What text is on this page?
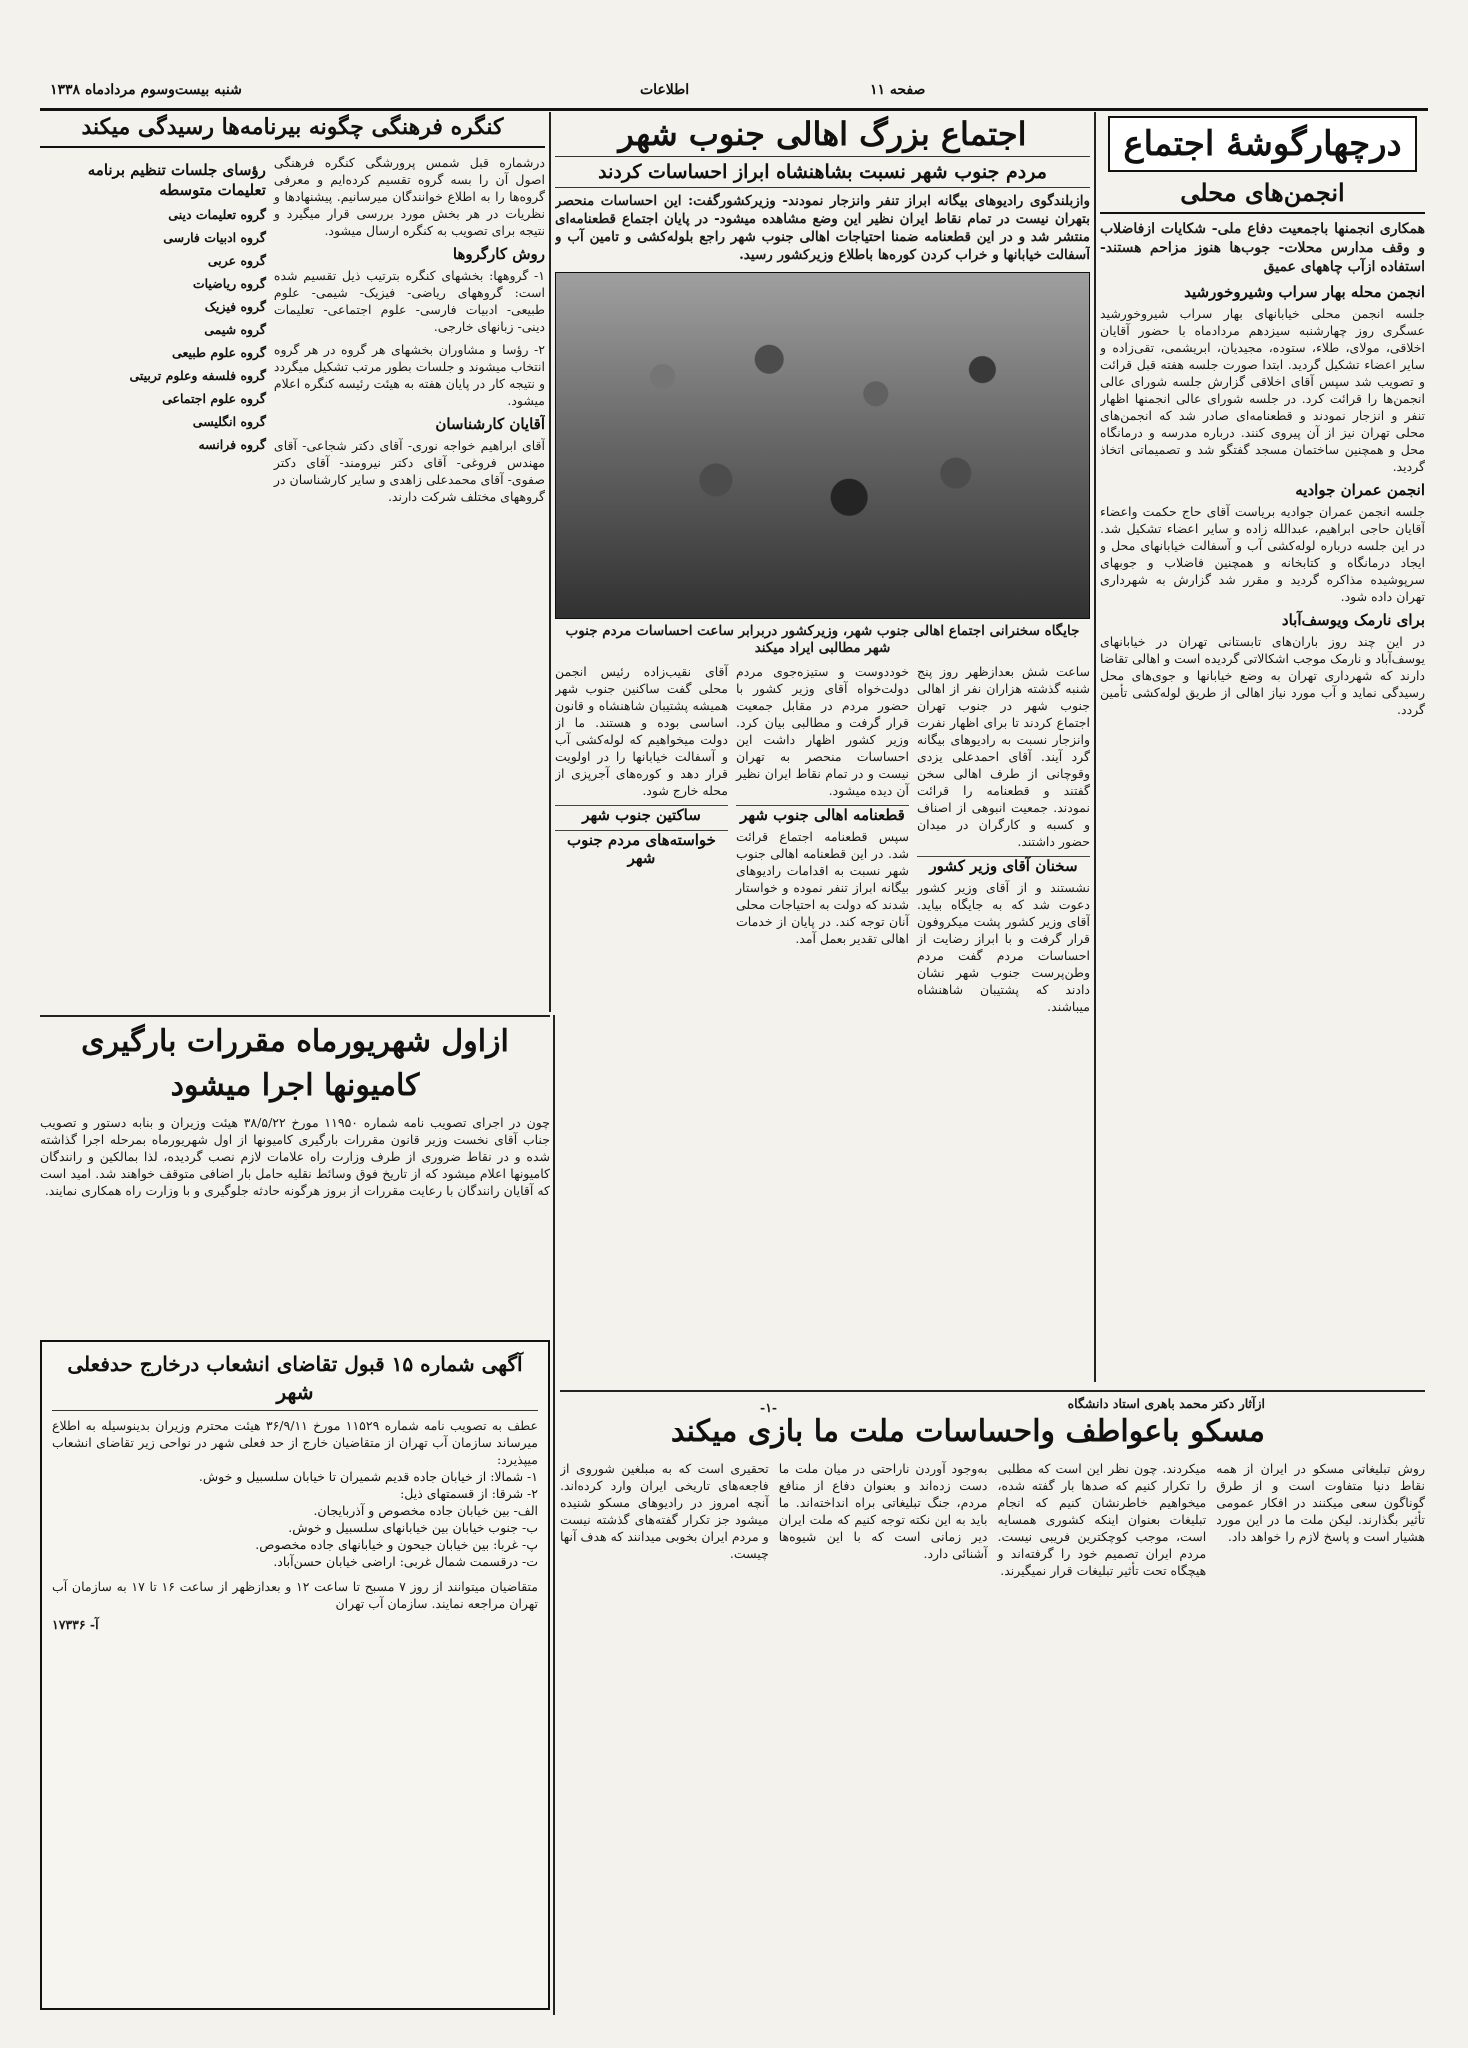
شنبه بیست‌وسوم مردادماه ۱۳۳۸	اطلاعات	صفحه ۱۱

درچهارگوشهٔ اجتماع

انجمن‌های محلی

همکاری انجمنها باجمعیت دفاع ملی- شکایات ازفاضلاب و وقف مدارس محلات- جوب‌ها هنوز مزاحم هستند- استفاده ازآب چاههای عمیق

انجمن محله بهار سراب وشیروخورشید

جلسه انجمن محلی خیابانهای بهار سراب شیروخورشید عسگری روز چهارشنبه سیزدهم مردادماه با حضور آقایان اخلاقی، مولای، طلاء، ستوده، مجیدیان، ابریشمی، تقی‌زاده و سایر اعضاء تشکیل گردید. ابتدا صورت جلسه هفته قبل قرائت و تصویب شد سپس آقای اخلاقی گزارش جلسه شورای عالی انجمن‌ها را قرائت کرد. در جلسه شورای عالی انجمنها اظهار تنفر و انزجار نمودند و قطعنامه‌ای صادر شد که انجمن‌های محلی تهران نیز از آن پیروی کنند. درباره مدرسه و درمانگاه محل و همچنین ساختمان مسجد گفتگو شد و تصمیماتی اتخاذ گردید.

انجمن عمران جوادیه

جلسه انجمن عمران جوادیه بریاست آقای حاج حکمت واعضاء آقایان حاجی ابراهیم، عبدالله زاده و سایر اعضاء تشکیل شد. در این جلسه درباره لوله‌کشی آب و آسفالت خیابانهای محل و ایجاد درمانگاه و کتابخانه و همچنین فاضلاب و جوبهای سرپوشیده مذاکره گردید و مقرر شد گزارش به شهرداری تهران داده شود.

برای نارمک ویوسف‌آباد

در این چند روز باران‌های تابستانی تهران در خیابانهای یوسف‌آباد و نارمک موجب اشکالاتی گردیده است و اهالی تقاضا دارند که شهرداری تهران به وضع خیابانها و جوی‌های محل رسیدگی نماید و آب مورد نیاز اهالی از طریق لوله‌کشی تأمین گردد.

اجتماع بزرگ اهالی جنوب شهر

مردم جنوب شهر نسبت بشاهنشاه ابراز احساسات کردند

وازبلندگوی رادیوهای بیگانه ابراز تنفر وانزجار نمودند- وزیرکشورگفت: این احساسات منحصر بتهران نیست در تمام نقاط ایران نظیر این وضع مشاهده میشود- در پایان اجتماع قطعنامه‌ای منتشر شد و در این قطعنامه ضمنا احتیاجات اهالی جنوب شهر راجع بلوله‌کشی و تامین آب و آسفالت خیابانها و خراب کردن کوره‌ها باطلاع وزیرکشور رسید.

جایگاه سخنرانی اجتماع اهالی جنوب شهر، وزیرکشور دربرابر ساعت احساسات مردم جنوب شهر مطالبی ایراد میکند

ساعت شش بعدازظهر روز پنج شنبه گذشته هزاران نفر از اهالی جنوب شهر در جنوب تهران اجتماع کردند تا برای اظهار نفرت وانزجار نسبت به رادیوهای بیگانه گرد آیند. آقای احمدعلی یزدی وقوچانی از طرف اهالی سخن گفتند و قطعنامه را قرائت نمودند. جمعیت انبوهی از اصناف و کسبه و کارگران در میدان حضور داشتند.

سخنان آقای وزیر کشور

نشستند و از آقای وزیر کشور دعوت شد که به جایگاه بیاید. آقای وزیر کشور پشت میکروفون قرار گرفت و با ابراز رضایت از احساسات مردم گفت مردم وطن‌پرست جنوب شهر نشان دادند که پشتیبان شاهنشاه میباشند.

خوددوست و ستیزه‌جوی مردم دولت‌خواه آقای وزیر کشور با حضور مردم در مقابل جمعیت قرار گرفت و مطالبی بیان کرد. وزیر کشور اظهار داشت این احساسات منحصر به تهران نیست و در تمام نقاط ایران نظیر آن دیده میشود.

قطعنامه اهالی جنوب شهر

سپس قطعنامه اجتماع قرائت شد. در این قطعنامه اهالی جنوب شهر نسبت به اقدامات رادیوهای بیگانه ابراز تنفر نموده و خواستار شدند که دولت به احتیاجات محلی آنان توجه کند. در پایان از خدمات اهالی تقدیر بعمل آمد.

آقای نقیب‌زاده رئیس انجمن محلی گفت ساکنین جنوب شهر همیشه پشتیبان شاهنشاه و قانون اساسی بوده و هستند. ما از دولت میخواهیم که لوله‌کشی آب و آسفالت خیابانها را در اولویت قرار دهد و کوره‌های آجرپزی از محله خارج شود.

ساکتین جنوب شهر

خواسته‌های مردم جنوب شهر

کنگره فرهنگی چگونه بیرنامه‌ها رسیدگی میکند

درشماره قبل شمس پرورشگی کنگره فرهنگی اصول آن را بسه گروه تقسیم کرده‌ایم و معرفی گروه‌ها را به اطلاع خوانندگان میرسانیم. پیشنهادها و نظریات در هر بخش مورد بررسی قرار میگیرد و نتیجه برای تصویب به کنگره ارسال میشود.

روش کارگروها

۱- گروهها: بخشهای کنگره بترتیب ذیل تقسیم شده است: گروههای ریاضی- فیزیک- شیمی- علوم طبیعی- ادبیات فارسی- علوم اجتماعی- تعلیمات دینی- زبانهای خارجی.

۲- رؤسا و مشاوران بخشهای هر گروه در هر گروه انتخاب میشوند و جلسات بطور مرتب تشکیل میگردد و نتیجه کار در پایان هفته به هیئت رئیسه کنگره اعلام میشود.

آقایان کارشناسان

آقای ابراهیم خواجه نوری- آقای دکتر شجاعی- آقای مهندس فروغی- آقای دکتر نیرومند- آقای دکتر صفوی- آقای محمدعلی زاهدی و سایر کارشناسان در گروههای مختلف شرکت دارند.

رؤسای جلسات تنظیم برنامه تعلیمات متوسطه

گروه تعلیمات دینی
گروه ادبیات فارسی
گروه عربی
گروه ریاضیات
گروه فیزیک
گروه شیمی
گروه علوم طبیعی
گروه فلسفه وعلوم تربیتی
گروه علوم اجتماعی
گروه انگلیسی
گروه فرانسه

ازاول شهریورماه مقررات بارگیری کامیونها اجرا میشود

چون در اجرای تصویب نامه شماره ۱۱۹۵۰ مورخ ۳۸/۵/۲۲ هیئت وزیران و بنابه دستور و تصویب جناب آقای نخست وزیر قانون مقررات بارگیری کامیونها از اول شهریورماه بمرحله اجرا گذاشته شده و در نقاط ضروری از طرف وزارت راه علامات لازم نصب گردیده، لذا بمالکین و رانندگان کامیونها اعلام میشود که از تاریخ فوق وسائط نقلیه حامل بار اضافی متوقف خواهند شد. امید است که آقایان رانندگان با رعایت مقررات از بروز هرگونه حادثه جلوگیری و با وزارت راه همکاری نمایند.

آگهی شماره ۱۵ قبول تقاضای انشعاب درخارج حدفعلی شهر

عطف به تصویب نامه شماره ۱۱۵۲۹ مورخ ۳۶/۹/۱۱ هیئت محترم وزیران بدینوسیله به اطلاع میرساند سازمان آب تهران از متقاضیان خارج از حد فعلی شهر در نواحی زیر تقاضای انشعاب میپذیرد:

۱- شمالا: از خیابان جاده قدیم شمیران تا خیابان سلسبیل و خوش.
۲- شرقا: از قسمتهای ذیل:
الف- بین خیابان جاده مخصوص و آذربایجان.
ب- جنوب خیابان بین خیابانهای سلسبیل و خوش.
پ- غربا: بین خیابان جیحون و خیابانهای جاده مخصوص.
ت- درقسمت شمال غربی: اراضی خیابان حسن‌آباد.

متقاضیان میتوانند از روز ۷ مسبح تا ساعت ۱۲ و بعدازظهر از ساعت ۱۶ تا ۱۷ به سازمان آب تهران مراجعه نمایند. سازمان آب تهران

آ- ۱۷۳۳۶

ازآثار دکتر محمد باهری استاد دانشگاه

مسکو باعواطف واحساسات ملت ما بازی میکند

-۱-

روش تبلیغاتی مسکو در ایران از همه نقاط دنیا متفاوت است و از طرق گوناگون سعی میکنند در افکار عمومی تأثیر بگذارند. لیکن ملت ما در این مورد هشیار است و پاسخ لازم را خواهد داد.

میکردند. چون نظر این است که مطلبی را تکرار کنیم که صدها بار گفته شده، میخواهیم خاطرنشان کنیم که انجام تبلیغات بعنوان اینکه کشوری همسایه است، موجب کوچکترین فریبی نیست. مردم ایران تصمیم خود را گرفته‌اند و هیچگاه تحت تأثیر تبلیغات قرار نمیگیرند.

به‌وجود آوردن ناراحتی در میان ملت ما دست زده‌اند و بعنوان دفاع از منافع مردم، جنگ تبلیغاتی براه انداخته‌اند. ما باید به این نکته توجه کنیم که ملت ایران دیر زمانی است که با این شیوه‌ها آشنائی دارد.

تحقیری است که به مبلغین شوروی از فاجعه‌های تاریخی ایران وارد کرده‌اند. آنچه امروز در رادیوهای مسکو شنیده میشود جز تکرار گفته‌های گذشته نیست و مردم ایران بخوبی میدانند که هدف آنها چیست.
